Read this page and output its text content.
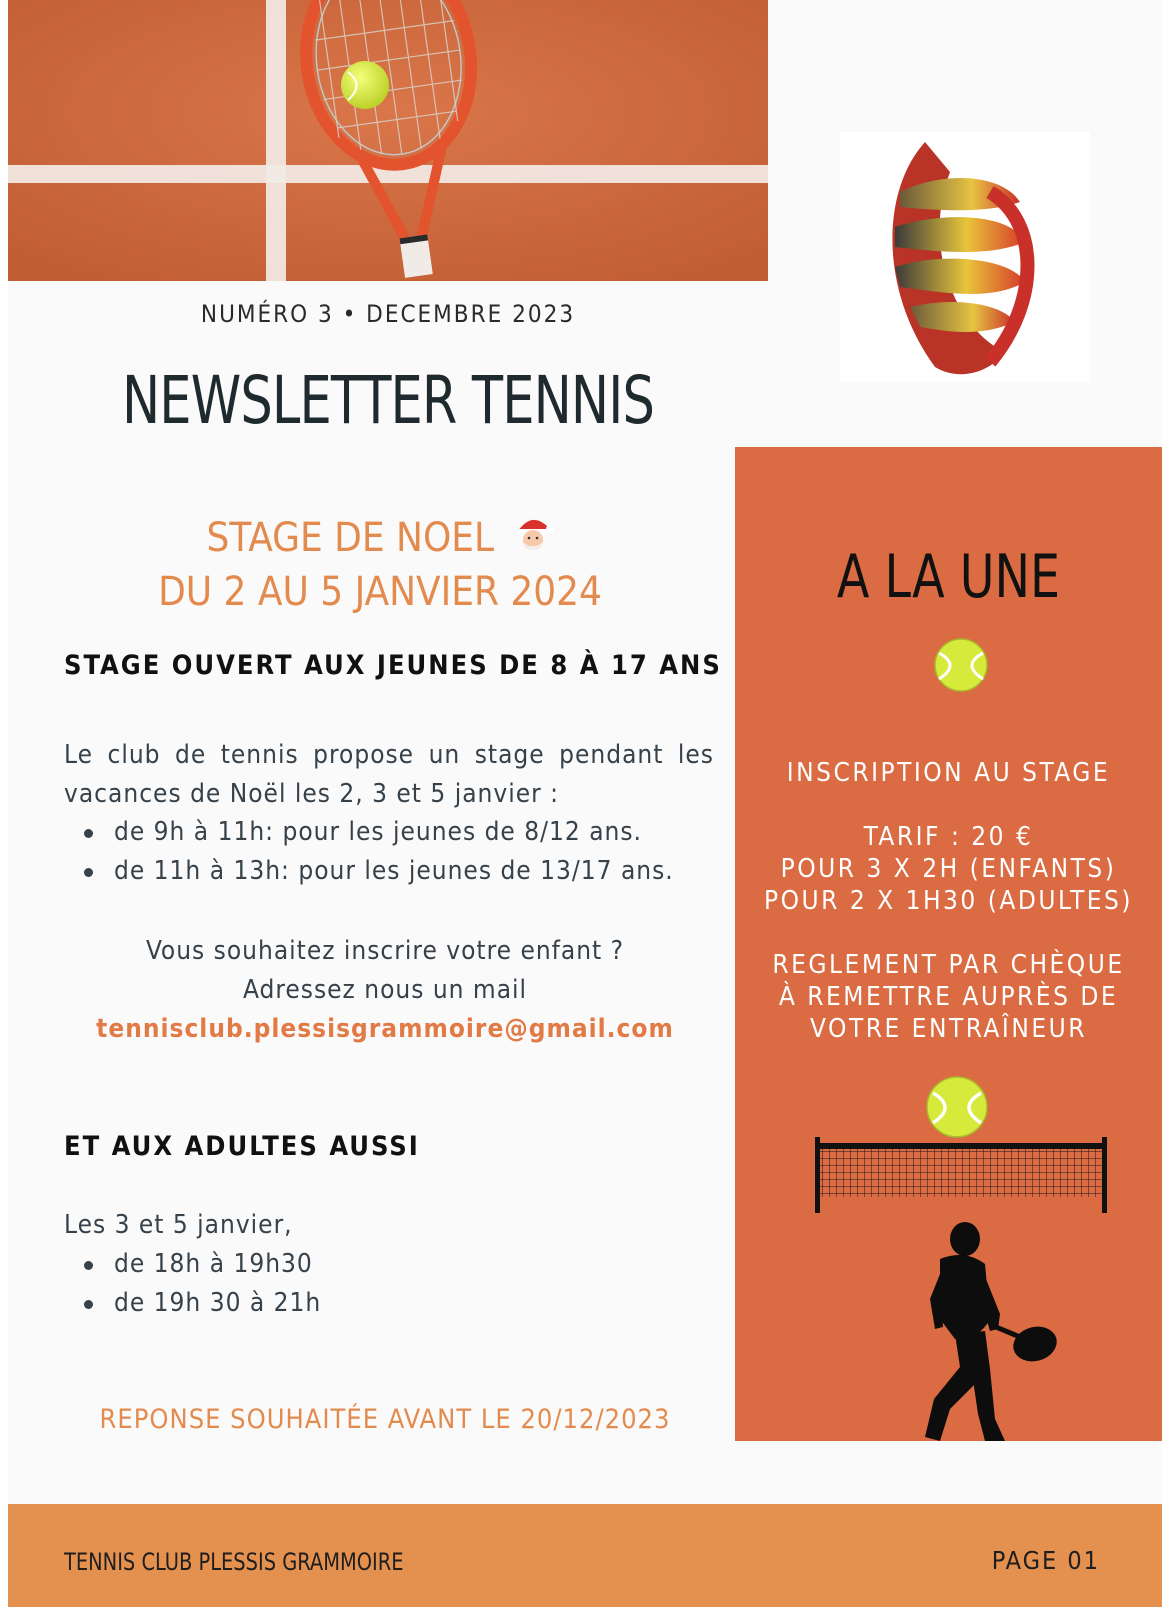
NUMÉRO 3 • DECEMBRE 2023
NEWSLETTER TENNIS
STAGE DE NOEL
DU 2 AU 5 JANVIER 2024
STAGE OUVERT AUX JEUNES DE 8 À 17 ANS
Le club de tennis propose un stage pendant les vacances de Noël les 2, 3 et 5 janvier :
de 9h à 11h: pour les jeunes de 8/12 ans.
de 11h à 13h: pour les jeunes de 13/17 ans.
Vous souhaitez inscrire votre enfant ?
Adressez nous un mail
tennisclub.plessisgrammoire@gmail.com
ET AUX ADULTES AUSSI
Les 3 et 5 janvier,
de 18h à 19h30
de 19h 30 à 21h
REPONSE SOUHAITÉE AVANT LE 20/12/2023
A LA UNE
INSCRIPTION AU STAGE
TARIF : 20 €
POUR 3 X 2H (ENFANTS)
POUR 2 X 1H30 (ADULTES)
REGLEMENT PAR CHÈQUE
À REMETTRE AUPRÈS DE
VOTRE ENTRAÎNEUR
TENNIS CLUB PLESSIS GRAMMOIRE	PAGE 01
